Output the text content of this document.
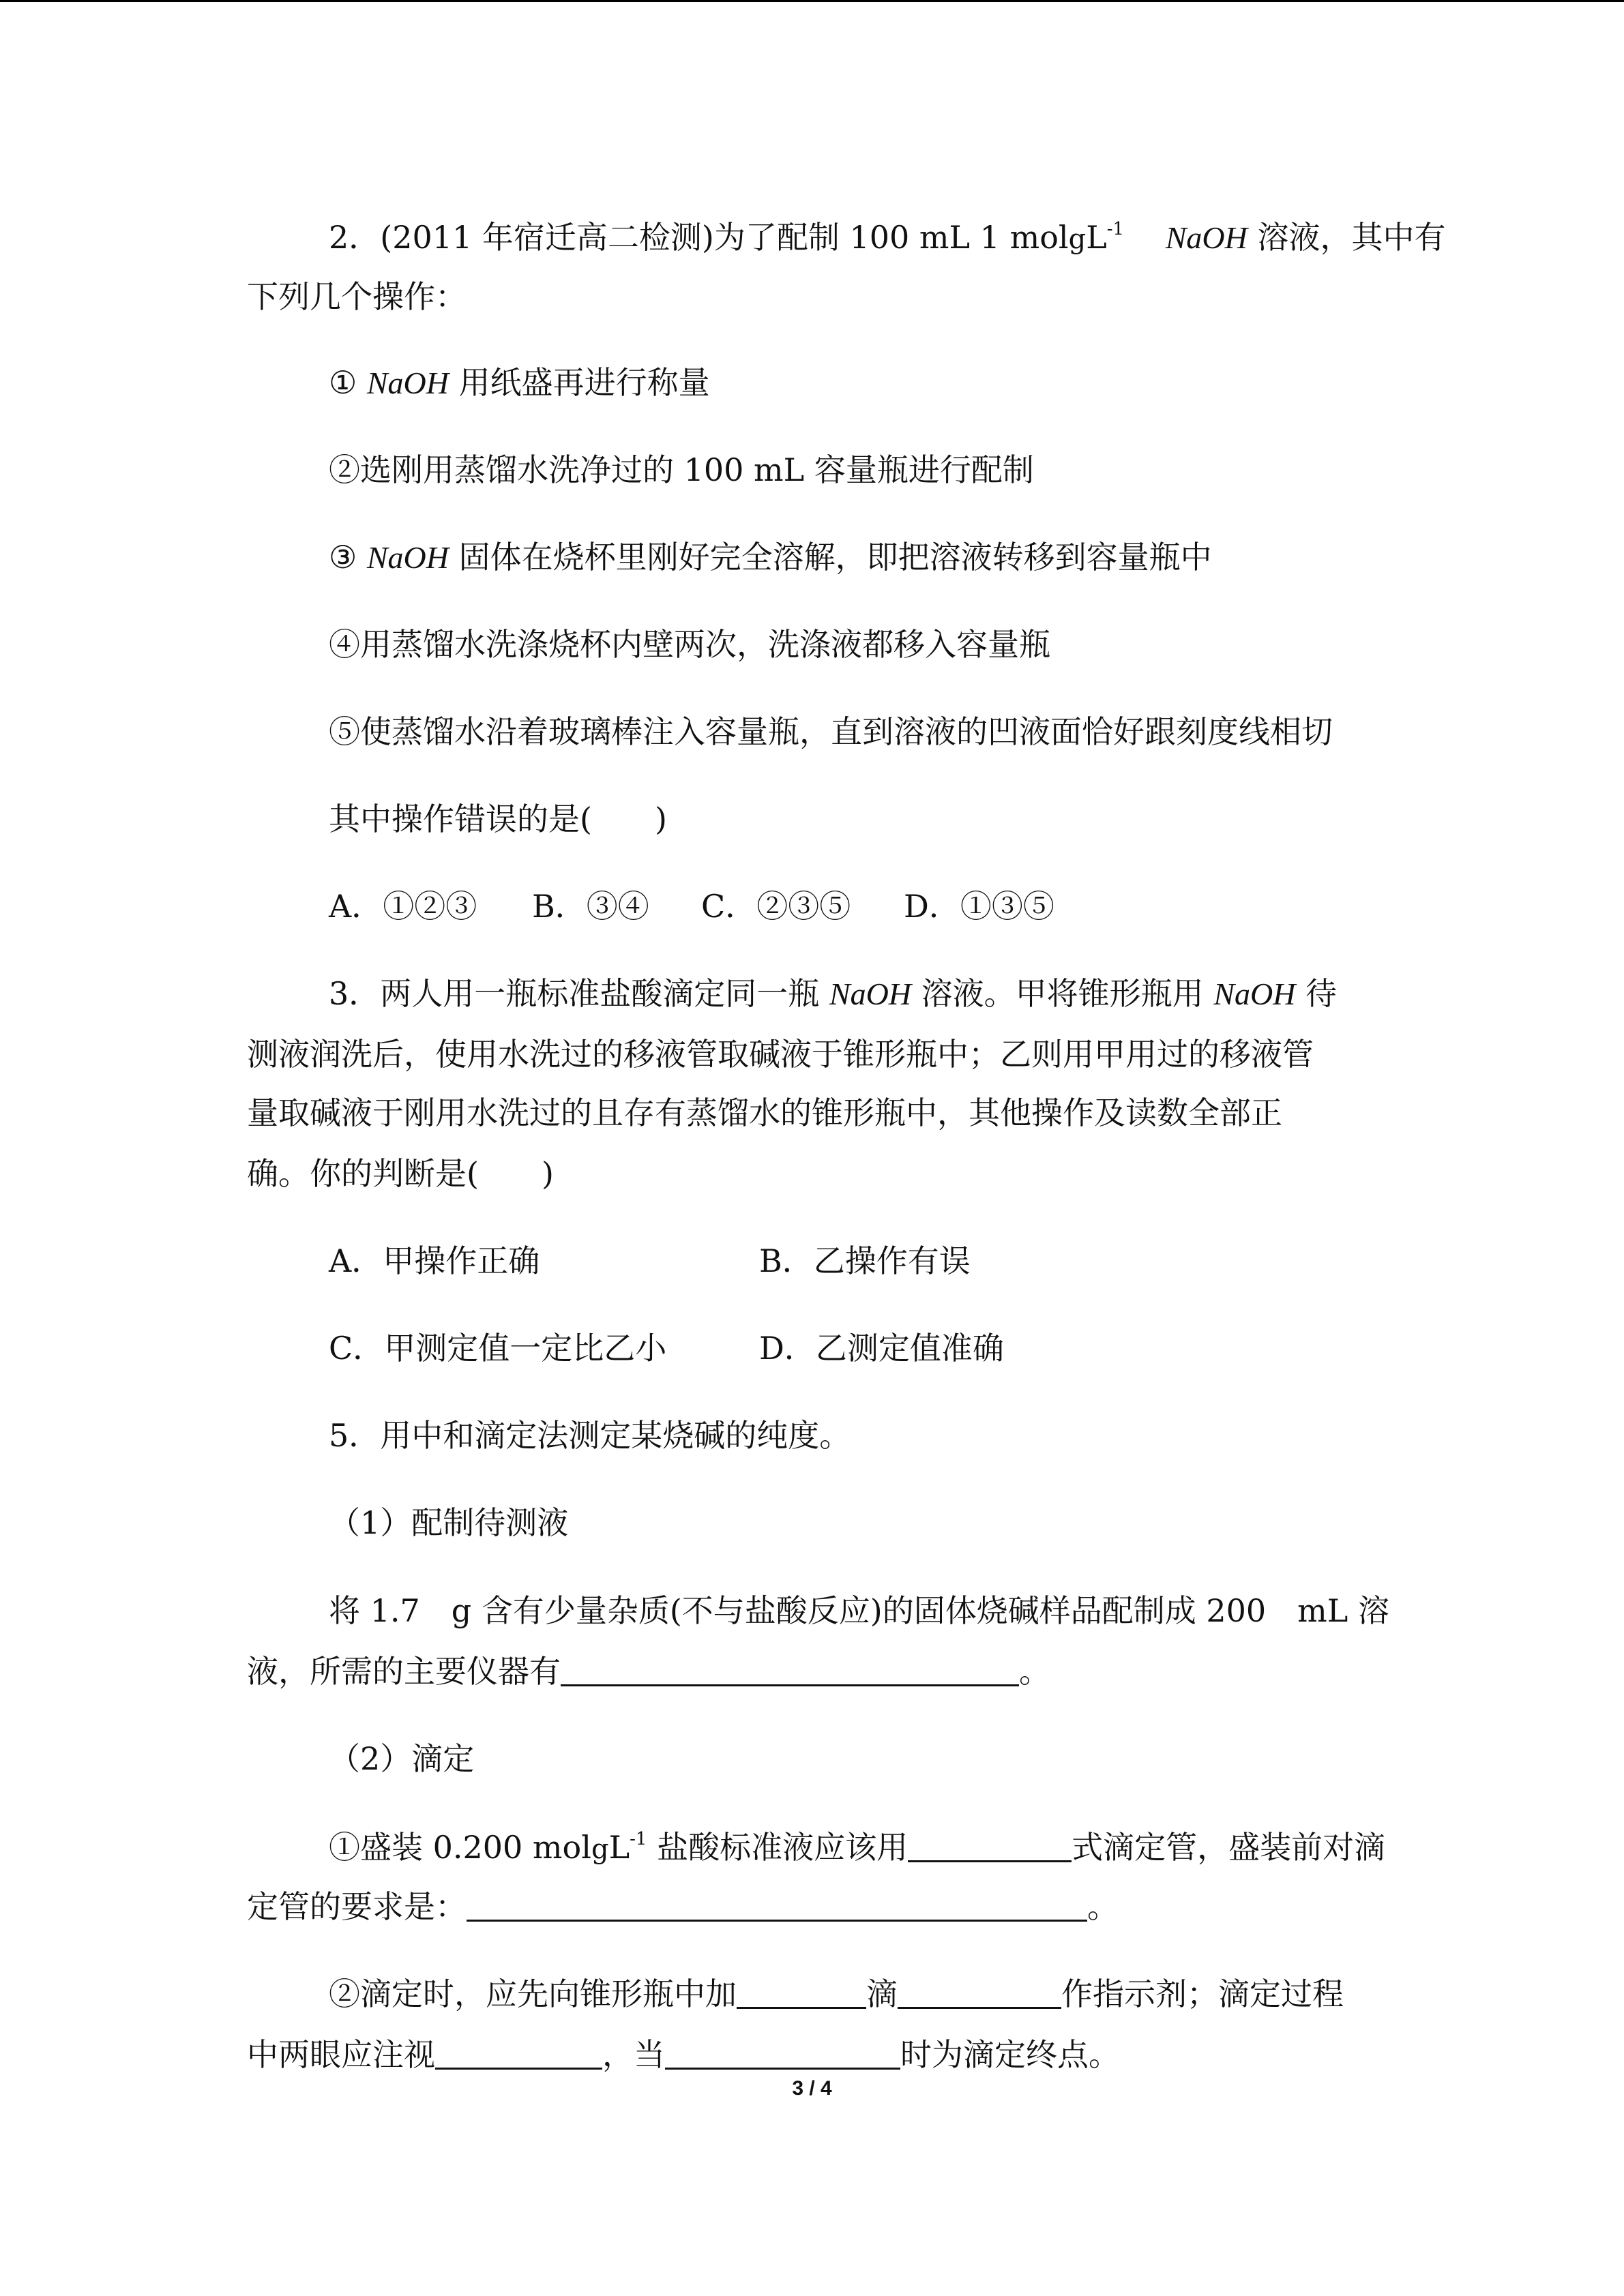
2．(2011 年宿迁高二检测)为了配制 100 mL 1 molgL$^{-1}$　 NaOH 溶液，其中有
下列几个操作：
① NaOH 用纸盛再进行称量
②选刚用蒸馏水洗净过的 100 mL 容量瓶进行配制
③ NaOH 固体在烧杯里刚好完全溶解，即把溶液转移到容量瓶中
④用蒸馏水洗涤烧杯内壁两次，洗涤液都移入容量瓶
⑤使蒸馏水沿着玻璃棒注入容量瓶，直到溶液的凹液面恰好跟刻度线相切
其中操作错误的是(　　)
A．①②③ B．③④ C．②③⑤ D．①③⑤
3．两人用一瓶标准盐酸滴定同一瓶 NaOH 溶液。甲将锥形瓶用 NaOH 待
测液润洗后，使用水洗过的移液管取碱液于锥形瓶中；乙则用甲用过的移液管
量取碱液于刚用水洗过的且存有蒸馏水的锥形瓶中，其他操作及读数全部正
确。你的判断是(　　)
A．甲操作正确	B．乙操作有误
C．甲测定值一定比乙小	D．乙测定值准确
5．用中和滴定法测定某烧碱的纯度。
（1）配制待测液
将 1.7　g 含有少量杂质(不与盐酸反应)的固体烧碱样品配制成 200　mL 溶
液，所需的主要仪器有	。
（2）滴定
①盛装 0.200 molgL$^{-1}$ 盐酸标准液应该用	式滴定管，盛装前对滴
定管的要求是：	。
②滴定时，应先向锥形瓶中加	滴	作指示剂；滴定过程
中两眼应注视	，当	时为滴定终点。
3 / 4
